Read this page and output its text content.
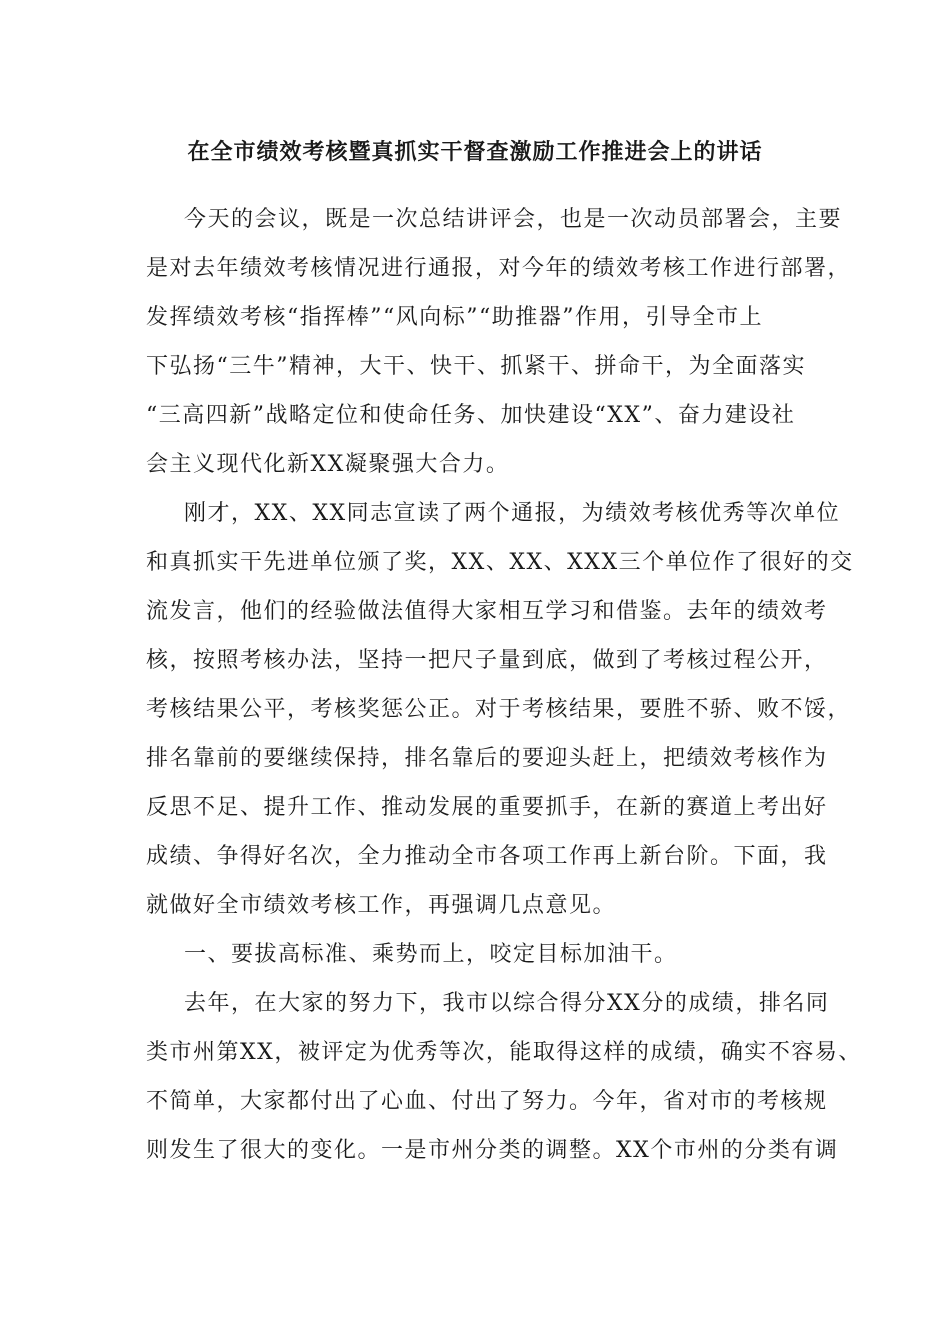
在全市绩效考核暨真抓实干督查激励工作推进会上的讲话
今天的会议，既是一次总结讲评会，也是一次动员部署会，主要
是对去年绩效考核情况进行通报，对今年的绩效考核工作进行部署，
发挥绩效考核“指挥棒”“风向标”“助推器”作用，引导全市上
下弘扬“三牛”精神，大干、快干、抓紧干、拼命干，为全面落实
“三高四新”战略定位和使命任务、加快建设“XX”、奋力建设社
会主义现代化新XX凝聚强大合力。
刚才，XX、XX同志宣读了两个通报，为绩效考核优秀等次单位
和真抓实干先进单位颁了奖，XX、XX、XXX三个单位作了很好的交
流发言，他们的经验做法值得大家相互学习和借鉴。去年的绩效考
核，按照考核办法，坚持一把尺子量到底，做到了考核过程公开，
考核结果公平，考核奖惩公正。对于考核结果，要胜不骄、败不馁，
排名靠前的要继续保持，排名靠后的要迎头赶上，把绩效考核作为
反思不足、提升工作、推动发展的重要抓手，在新的赛道上考出好
成绩、争得好名次，全力推动全市各项工作再上新台阶。下面，我
就做好全市绩效考核工作，再强调几点意见。
一、要拔高标准、乘势而上，咬定目标加油干。
去年，在大家的努力下，我市以综合得分XX分的成绩，排名同
类市州第XX，被评定为优秀等次，能取得这样的成绩，确实不容易、
不简单，大家都付出了心血、付出了努力。今年，省对市的考核规
则发生了很大的变化。一是市州分类的调整。XX个市州的分类有调
